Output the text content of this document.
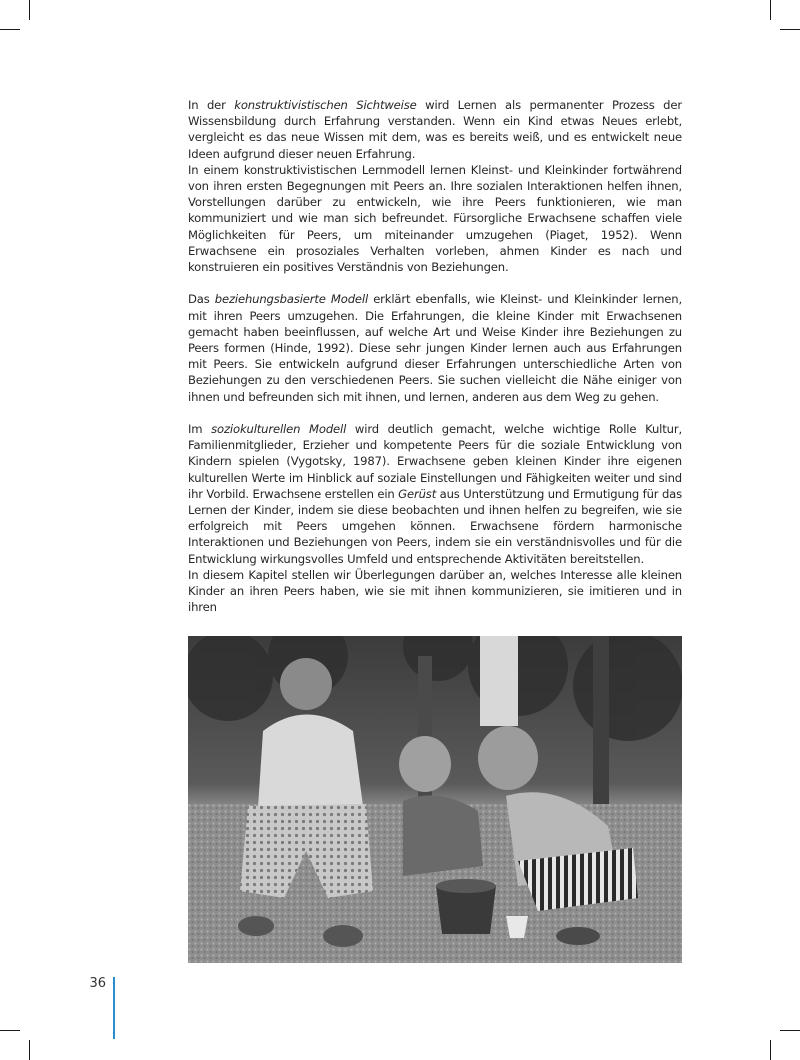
In der konstruktivistischen Sichtweise wird Lernen als permanenter Prozess der Wissensbildung durch Erfahrung verstanden. Wenn ein Kind etwas Neues erlebt, vergleicht es das neue Wissen mit dem, was es bereits weiß, und es entwickelt neue Ideen aufgrund dieser neuen Erfahrung.

In einem konstruktivistischen Lernmodell lernen Kleinst- und Kleinkinder fortwährend von ihren ersten Begegnungen mit Peers an. Ihre sozialen Interaktionen helfen ihnen, Vorstellungen darüber zu entwickeln, wie ihre Peers funktionieren, wie man kommuniziert und wie man sich befreundet. Fürsorgliche Erwachsene schaffen viele Möglichkeiten für Peers, um miteinander umzugehen (Piaget, 1952). Wenn Erwachsene ein prosoziales Verhalten vorleben, ahmen Kinder es nach und konstruieren ein positives Verständnis von Beziehungen.

Das beziehungsbasierte Modell erklärt ebenfalls, wie Kleinst- und Kleinkinder lernen, mit ihren Peers umzugehen. Die Erfahrungen, die kleine Kinder mit Erwachsenen gemacht haben beeinflussen, auf welche Art und Weise Kinder ihre Beziehungen zu Peers formen (Hinde, 1992). Diese sehr jungen Kinder lernen auch aus Erfahrungen mit Peers. Sie entwickeln aufgrund dieser Erfahrungen unterschiedliche Arten von Beziehungen zu den verschiedenen Peers. Sie suchen vielleicht die Nähe einiger von ihnen und befreunden sich mit ihnen, und lernen, anderen aus dem Weg zu gehen.

Im soziokulturellen Modell wird deutlich gemacht, welche wichtige Rolle Kultur, Familienmitglieder, Erzieher und kompetente Peers für die soziale Entwicklung von Kindern spielen (Vygotsky, 1987). Erwachsene geben kleinen Kinder ihre eigenen kulturellen Werte im Hinblick auf soziale Einstellungen und Fähigkeiten weiter und sind ihr Vorbild. Erwachsene erstellen ein Gerüst aus Unterstützung und Ermutigung für das Lernen der Kinder, indem sie diese beobachten und ihnen helfen zu begreifen, wie sie erfolgreich mit Peers umgehen können. Erwachsene fördern harmonische Interaktionen und Beziehungen von Peers, indem sie ein verständnisvolles und für die Entwicklung wirkungsvolles Umfeld und entsprechende Aktivitäten bereitstellen.

In diesem Kapitel stellen wir Überlegungen darüber an, welches Interesse alle kleinen Kinder an ihren Peers haben, wie sie mit ihnen kommunizieren, sie imitieren und in ihren

36
